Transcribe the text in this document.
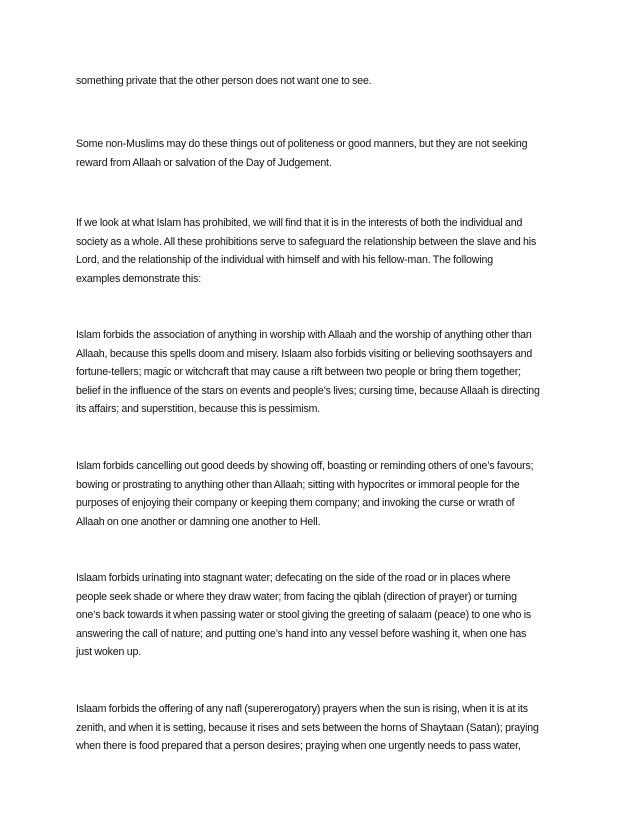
something private that the other person does not want one to see.

Some non-Muslims may do these things out of politeness or good manners, but they are not seeking
reward from Allaah or salvation of the Day of Judgement.

If we look at what Islam has prohibited, we will find that it is in the interests of both the individual and
society as a whole. All these prohibitions serve to safeguard the relationship between the slave and his
Lord, and the relationship of the individual with himself and with his fellow-man. The following
examples demonstrate this:

Islam forbids the association of anything in worship with Allaah and the worship of anything other than
Allaah, because this spells doom and misery. Islaam also forbids visiting or believing soothsayers and
fortune-tellers; magic or witchcraft that may cause a rift between two people or bring them together;
belief in the influence of the stars on events and people’s lives; cursing time, because Allaah is directing
its affairs; and superstition, because this is pessimism.

Islam forbids cancelling out good deeds by showing off, boasting or reminding others of one’s favours;
bowing or prostrating to anything other than Allaah; sitting with hypocrites or immoral people for the
purposes of enjoying their company or keeping them company; and invoking the curse or wrath of
Allaah on one another or damning one another to Hell.

Islaam forbids urinating into stagnant water; defecating on the side of the road or in places where
people seek shade or where they draw water; from facing the qiblah (direction of prayer) or turning
one’s back towards it when passing water or stool giving the greeting of salaam (peace) to one who is
answering the call of nature; and putting one’s hand into any vessel before washing it, when one has
just woken up.

Islaam forbids the offering of any nafl (supererogatory) prayers when the sun is rising, when it is at its
zenith, and when it is setting, because it rises and sets between the horns of Shaytaan (Satan); praying
when there is food prepared that a person desires; praying when one urgently needs to pass water,
